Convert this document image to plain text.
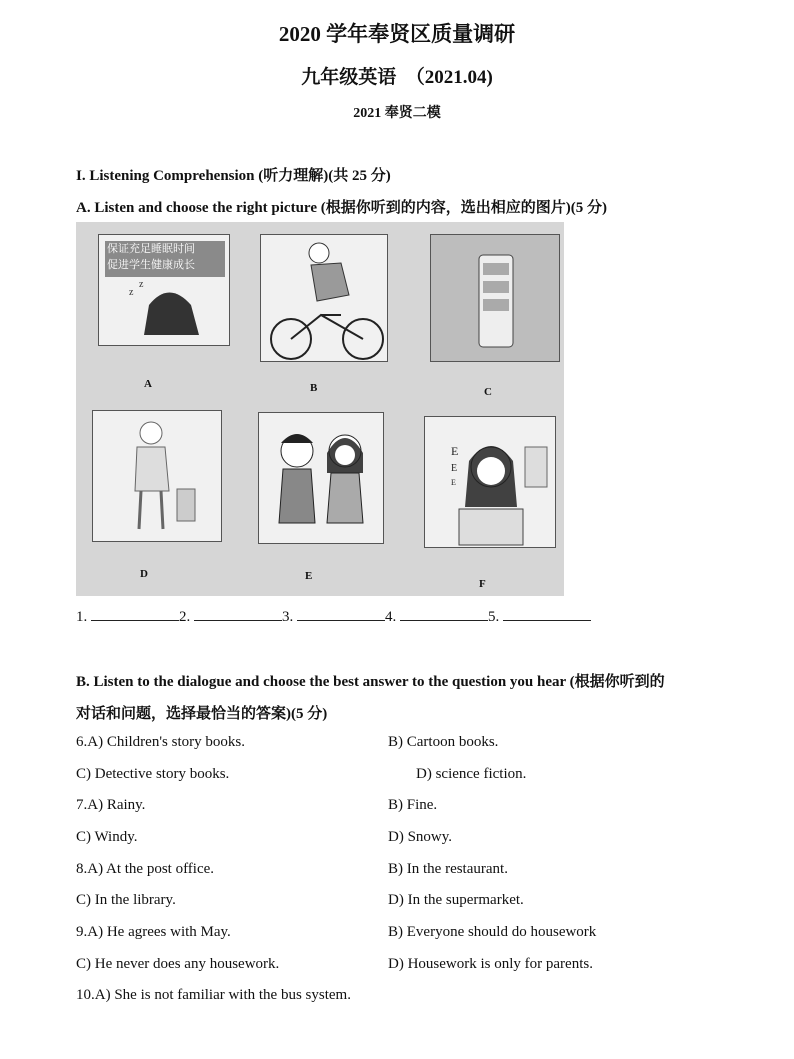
2020 学年奉贤区质量调研
九年级英语　（2021.04)
2021 奉贤二模
I. Listening Comprehension (听力理解)(共 25 分)
A. Listen and choose the right picture (根据你听到的内容，选出相应的图片)(5 分)
保证充足睡眠时间
促进学生健康成长
z
z
A	B	C
D	E
E
E
E
F
1.	2.	3.	4.	5.
B. Listen to the dialogue and choose the best answer to the question you hear (根据你听到的
对话和问题，选择最恰当的答案)(5 分)
6.A) Children's story books.	B) Cartoon books.
C) Detective story books.	D) science fiction.
7.A) Rainy.	B) Fine.
C) Windy.	D) Snowy.
8.A) At the post office.	B) In the restaurant.
C) In the library.	D) In the supermarket.
9.A) He agrees with May.	B) Everyone should do housework
C) He never does any housework.	D) Housework is only for parents.
10.A) She is not familiar with the bus system.
